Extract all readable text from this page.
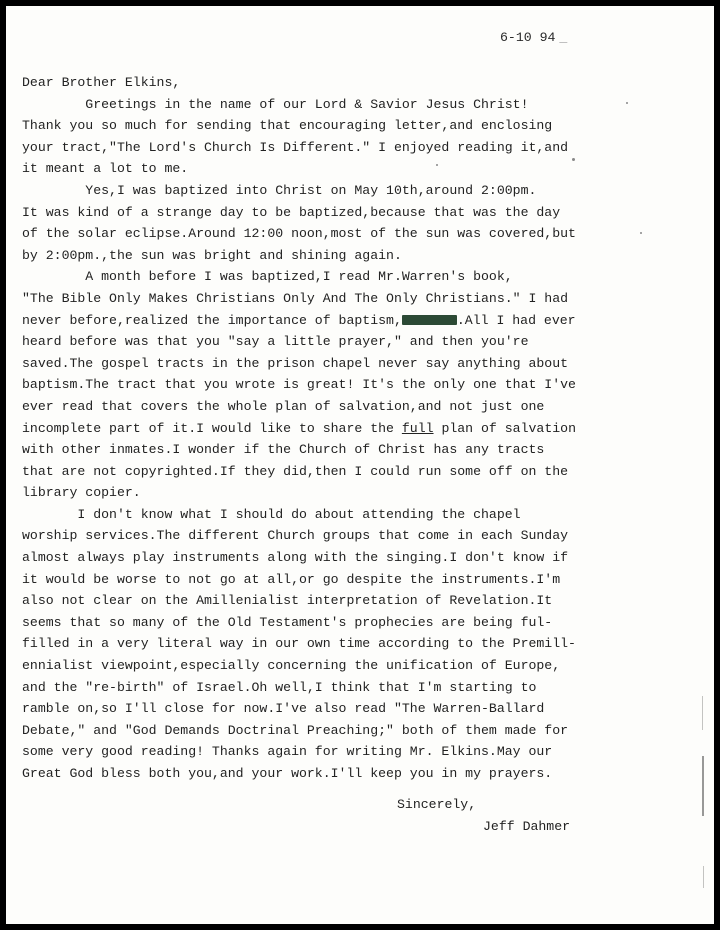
6-10 94 _
Dear Brother Elkins,
Greetings in the name of our Lord & Savior Jesus Christ!
Thank you so much for sending that encouraging letter,and enclosing
your tract,"The Lord's Church Is Different." I enjoyed reading it,and
it meant a lot to me.
Yes,I was baptized into Christ on May 10th,around 2:00pm.
It was kind of a strange day to be baptized,because that was the day
of the solar eclipse.Around 12:00 noon,most of the sun was covered,but
by 2:00pm.,the sun was bright and shining again.
A month before I was baptized,I read Mr.Warren's book,
"The Bible Only Makes Christians Only And The Only Christians." I had
never before,realized the importance of baptism,	.All I had ever
heard before was that you "say a little prayer," and then you're
saved.The gospel tracts in the prison chapel never say anything about
baptism.The tract that you wrote is great! It's the only one that I've
ever read that covers the whole plan of salvation,and not just one
incomplete part of it.I would like to share the full plan of salvation
with other inmates.I wonder if the Church of Christ has any tracts
that are not copyrighted.If they did,then I could run some off on the
library copier.
I don't know what I should do about attending the chapel
worship services.The different Church groups that come in each Sunday
almost always play instruments along with the singing.I don't know if
it would be worse to not go at all,or go despite the instruments.I'm
also not clear on the Amillenialist interpretation of Revelation.It
seems that so many of the Old Testament's prophecies are being ful-
filled in a very literal way in our own time according to the Premill-
ennialist viewpoint,especially concerning the unification of Europe,
and the "re-birth" of Israel.Oh well,I think that I'm starting to
ramble on,so I'll close for now.I've also read "The Warren-Ballard
Debate," and "God Demands Doctrinal Preaching;" both of them made for
some very good reading! Thanks again for writing Mr. Elkins.May our
Great God bless both you,and your work.I'll keep you in my prayers.
Sincerely,
Jeff Dahmer
